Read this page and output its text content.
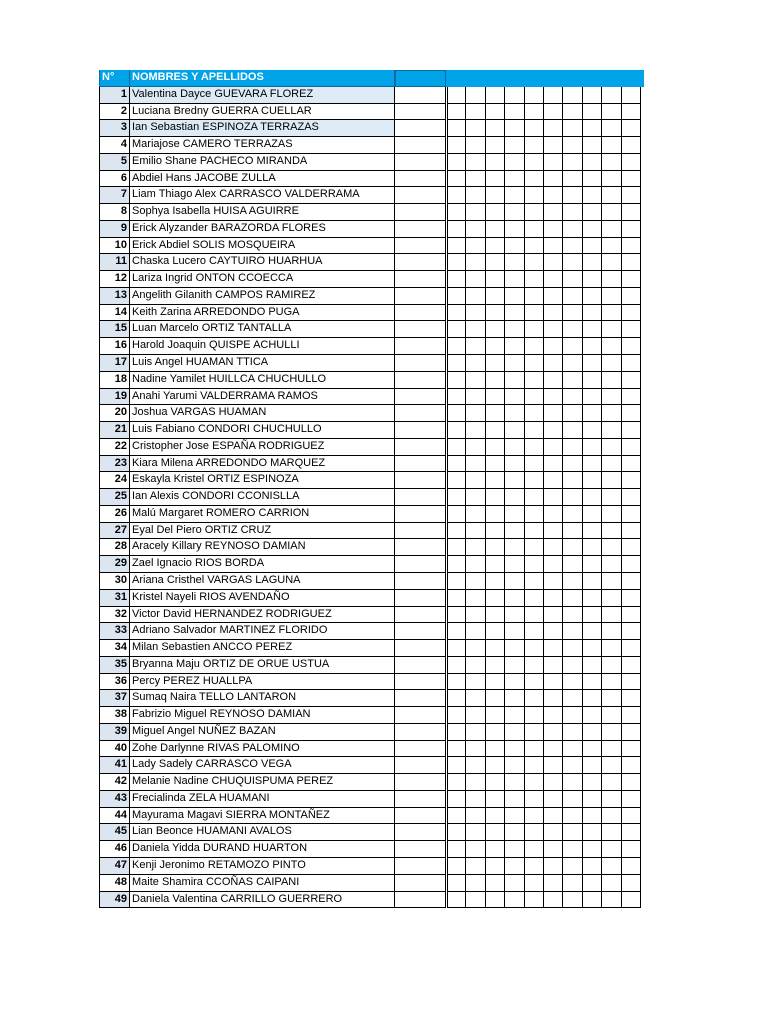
N°	NOMBRES Y APELLIDOS
1 Valentina Dayce GUEVARA FLOREZ
2 Luciana Bredny GUERRA CUELLAR
3 Ian Sebastian ESPINOZA TERRAZAS
4 Mariajose CAMERO TERRAZAS
5 Emilio Shane PACHECO MIRANDA
6 Abdiel Hans JACOBE ZULLA
7 Liam Thiago Alex CARRASCO VALDERRAMA
8 Sophya Isabella HUISA AGUIRRE
9 Erick Alyzander BARAZORDA FLORES
10 Erick Abdiel SOLIS MOSQUEIRA
11 Chaska Lucero CAYTUIRO HUARHUA
12 Lariza Ingrid ONTON CCOECCA
13 Angelith Gilanith CAMPOS RAMIREZ
14 Keith Zarina ARREDONDO PUGA
15 Luan Marcelo ORTIZ TANTALLA
16 Harold Joaquin QUISPE ACHULLI
17 Luis Angel HUAMAN TTICA
18 Nadine Yamilet HUILLCA CHUCHULLO
19 Anahi Yarumi VALDERRAMA RAMOS
20 Joshua VARGAS HUAMAN
21 Luis Fabiano CONDORI CHUCHULLO
22 Cristopher Jose ESPAÑA RODRIGUEZ
23 Kiara Milena ARREDONDO MARQUEZ
24 Eskayla Kristel ORTIZ ESPINOZA
25 Ian Alexis CONDORI CCONISLLA
26 Malú Margaret ROMERO CARRION
27 Eyal Del Piero ORTIZ CRUZ
28 Aracely Killary REYNOSO DAMIAN
29 Zael Ignacio RIOS BORDA
30 Ariana Cristhel VARGAS LAGUNA
31 Kristel Nayeli RIOS AVENDAÑO
32 Victor David HERNANDEZ RODRIGUEZ
33 Adriano Salvador MARTINEZ FLORIDO
34 Milan Sebastien ANCCO PEREZ
35 Bryanna Maju ORTIZ DE ORUE USTUA
36 Percy PEREZ HUALLPA
37 Sumaq Naira TELLO LANTARON
38 Fabrizio Miguel REYNOSO DAMIAN
39 Miguel Angel NUÑEZ BAZAN
40 Zohe Darlynne RIVAS PALOMINO
41 Lady Sadely CARRASCO VEGA
42 Melanie Nadine CHUQUISPUMA PEREZ
43 Frecialinda ZELA HUAMANI
44 Mayurama Magavi SIERRA MONTAÑEZ
45 Lian Beonce HUAMANI AVALOS
46 Daniela Yidda DURAND HUARTON
47 Kenji Jeronimo RETAMOZO PINTO
48 Maite Shamira CCOÑAS CAIPANI
49 Daniela Valentina CARRILLO GUERRERO
